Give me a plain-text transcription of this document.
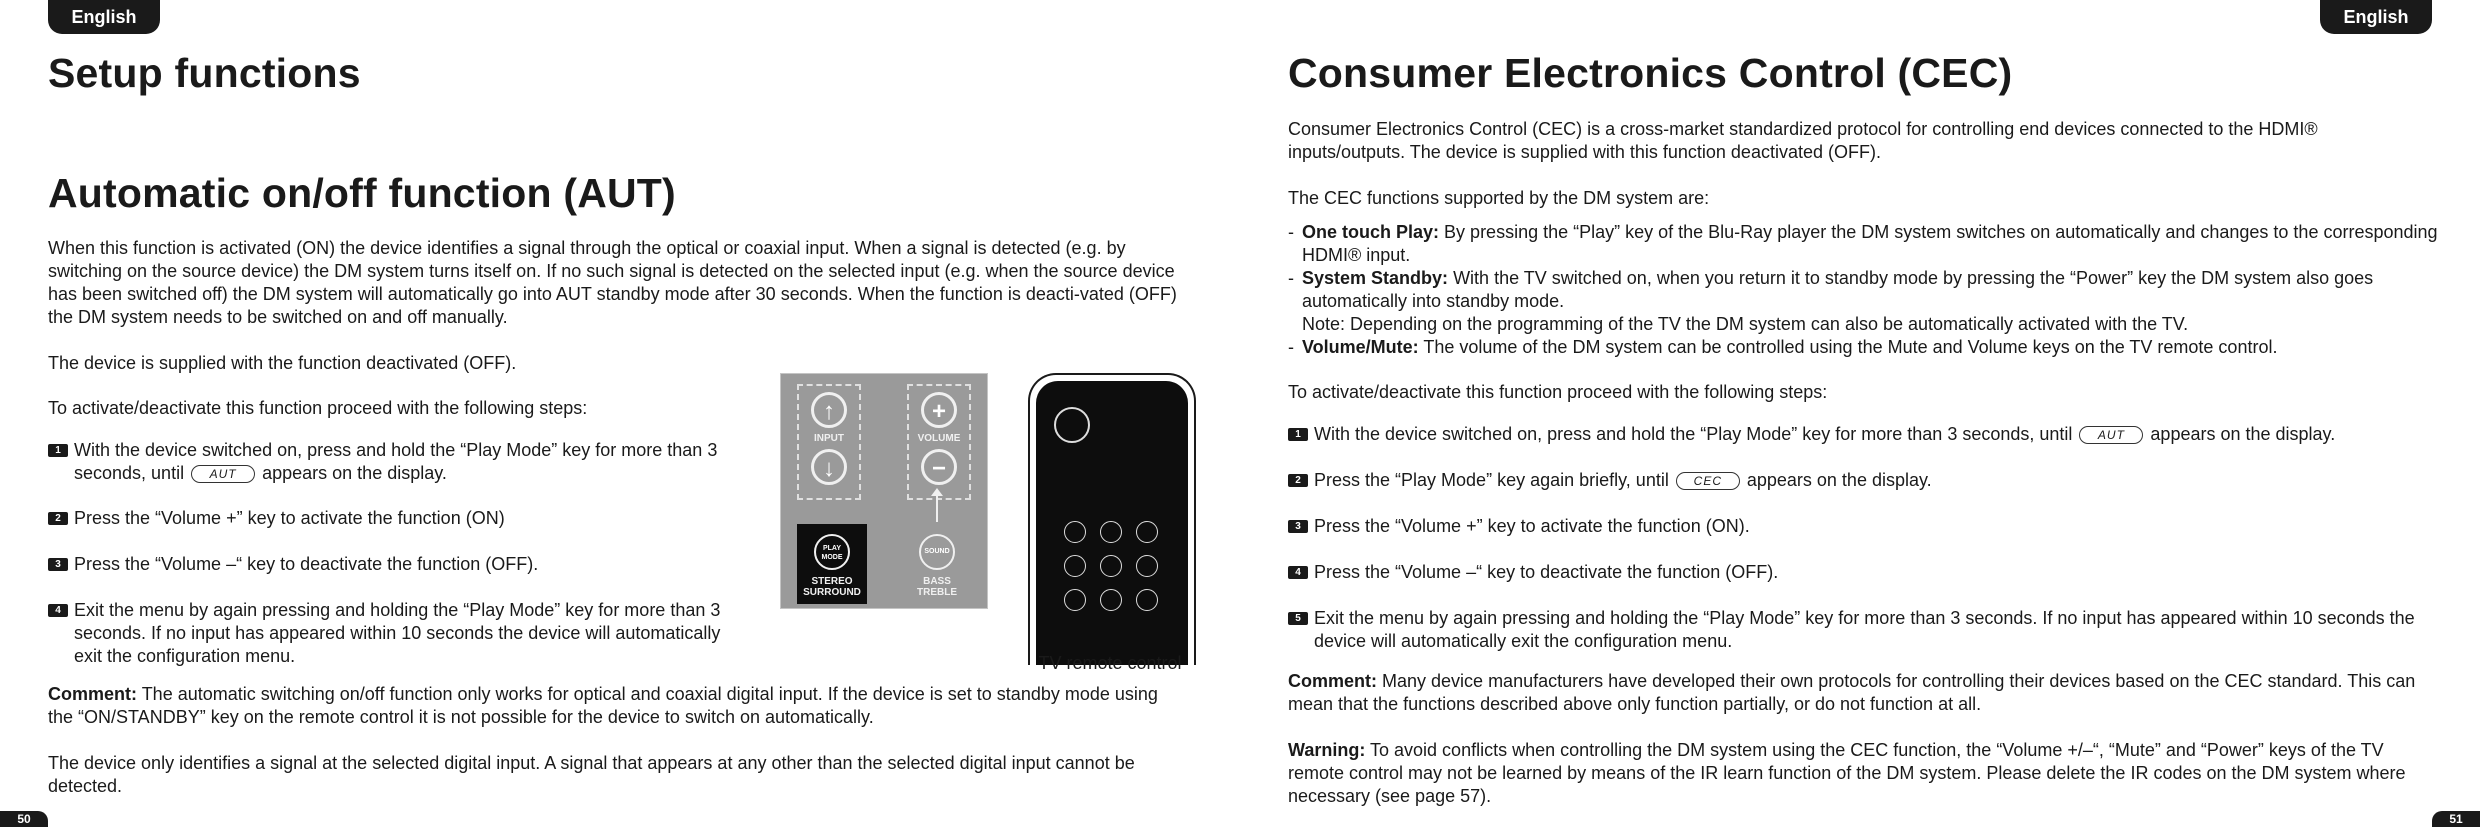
English
Setup functions
Automatic on/off function (AUT)

When this function is activated (ON) the device identifies a signal through the optical or coaxial input. When a signal is detected (e.g. by switching on the source device) the DM system turns itself on. If no such signal is detected on the selected input (e.g. when the source device has been switched off) the DM system will automatically go into AUT standby mode after 30 seconds. When the function is deacti-vated (OFF) the DM system needs to be switched on and off manually.

The device is supplied with the function deactivated (OFF).

To activate/deactivate this function proceed with the following steps:

1 With the device switched on, press and hold the “Play Mode” key for more than 3 seconds, until AUT appears on the display.
2 Press the “Volume +” key to activate the function (ON)
3 Press the “Volume –“ key to deactivate the function (OFF).
4 Exit the menu by again pressing and holding the “Play Mode” key for more than 3 seconds. If no input has appeared within 10 seconds the device will automatically exit the configuration menu.

Comment: The automatic switching on/off function only works for optical and coaxial digital input. If the device is set to standby mode using the “ON/STANDBY” key on the remote control it is not possible for the device to switch on automatically.

The device only identifies a signal at the selected digital input. A signal that appears at any other than the selected digital input cannot be detected.

↑
INPUT
↓
+
VOLUME
−
PLAY
MODE
STEREO
SURROUND
SOUND
BASS
TREBLE
TV remote control
50
English
Consumer Electronics Control (CEC)

Consumer Electronics Control (CEC) is a cross-market standardized protocol for controlling end devices connected to the HDMI® inputs/outputs. The device is supplied with this function deactivated (OFF).

The CEC functions supported by the DM system are:

- One touch Play: By pressing the “Play” key of the Blu-Ray player the DM system switches on automatically and changes to the corresponding HDMI® input.
- System Standby: With the TV switched on, when you return it to standby mode by pressing the “Power” key the DM system also goes automatically into standby mode.
Note: Depending on the programming of the TV the DM system can also be automatically activated with the TV.
- Volume/Mute: The volume of the DM system can be controlled using the Mute and Volume keys on the TV remote control.

To activate/deactivate this function proceed with the following steps:

1 With the device switched on, press and hold the “Play Mode” key for more than 3 seconds, until AUT appears on the display.
2 Press the “Play Mode” key again briefly, until CEC appears on the display.
3 Press the “Volume +” key to activate the function (ON).
4 Press the “Volume –“ key to deactivate the function (OFF).
5 Exit the menu by again pressing and holding the “Play Mode” key for more than 3 seconds. If no input has appeared within 10 seconds the device will automatically exit the configuration menu.

Comment: Many device manufacturers have developed their own protocols for controlling their devices based on the CEC standard. This can mean that the functions described above only function partially, or do not function at all.

Warning: To avoid conflicts when controlling the DM system using the CEC function, the “Volume +/–“, “Mute” and “Power” keys of the TV remote control may not be learned by means of the IR learn function of the DM system. Please delete the IR codes on the DM system where necessary (see page 57).

51
